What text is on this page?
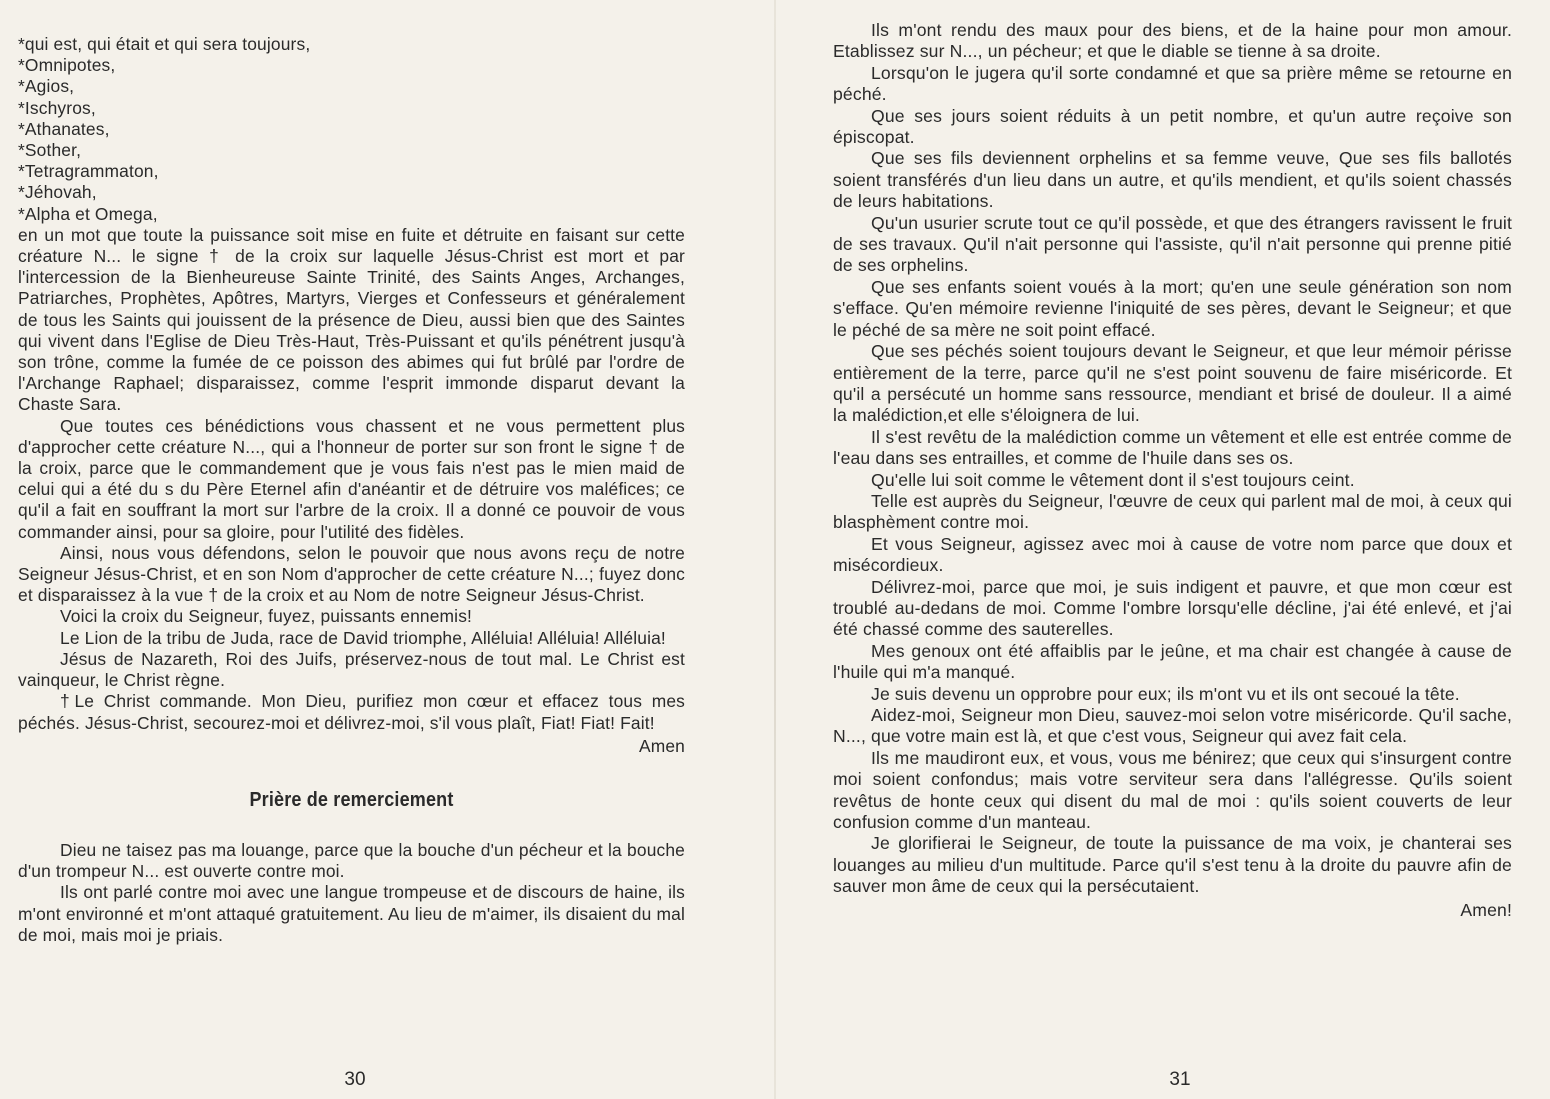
*qui est, qui était et qui sera toujours,

*Omnipotes,

*Agios,

*Ischyros,

*Athanates,

*Sother,

*Tetragrammaton,

*Jéhovah,

*Alpha et Omega,

en un mot que toute la puissance soit mise en fuite et détruite en faisant sur cette créature N... le signe † de la croix sur laquelle Jésus-Christ est mort et par l'intercession de la Bienheureuse Sainte Trinité, des Saints Anges, Archanges, Patriarches, Prophètes, Apôtres, Martyrs, Vierges et Confesseurs et généralement de tous les Saints qui jouissent de la présence de Dieu, aussi bien que des Saintes qui vivent dans l'Eglise de Dieu Très-Haut, Très-Puissant et qu'ils pénétrent jusqu'à son trône, comme la fumée de ce poisson des abimes qui fut brûlé par l'ordre de l'Archange Raphael; disparaissez, comme l'esprit immonde disparut devant la Chaste Sara.

Que toutes ces bénédictions vous chassent et ne vous permettent plus d'approcher cette créature N..., qui a l'honneur de porter sur son front le signe † de la croix, parce que le commandement que je vous fais n'est pas le mien maid de celui qui a été du s du Père Eternel afin d'anéantir et de détruire vos maléfices; ce qu'il a fait en souffrant la mort sur l'arbre de la croix. Il a donné ce pouvoir de vous commander ainsi, pour sa gloire, pour l'utilité des fidèles.

Ainsi, nous vous défendons, selon le pouvoir que nous avons reçu de notre Seigneur Jésus-Christ, et en son Nom d'approcher de cette créature N...; fuyez donc et disparaissez à la vue † de la croix et au Nom de notre Seigneur Jésus-Christ.

Voici la croix du Seigneur, fuyez, puissants ennemis!

Le Lion de la tribu de Juda, race de David triomphe, Alléluia! Alléluia! Alléluia!

Jésus de Nazareth, Roi des Juifs, préservez-nous de tout mal. Le Christ est vainqueur, le Christ règne.

†Le Christ commande. Mon Dieu, purifiez mon cœur et effacez tous mes péchés. Jésus-Christ, secourez-moi et délivrez-moi, s'il vous plaît, Fiat! Fiat! Fait!

Amen

Prière de remerciement

Dieu ne taisez pas ma louange, parce que la bouche d'un pécheur et la bouche d'un trompeur N... est ouverte contre moi.

Ils ont parlé contre moi avec une langue trompeuse et de discours de haine, ils m'ont environné et m'ont attaqué gratuitement. Au lieu de m'aimer, ils disaient du mal de moi, mais moi je priais.

30

Ils m'ont rendu des maux pour des biens, et de la haine pour mon amour. Etablissez sur N..., un pécheur; et que le diable se tienne à sa droite.

Lorsqu'on le jugera qu'il sorte condamné et que sa prière même se retourne en péché.

Que ses jours soient réduits à un petit nombre, et qu'un autre reçoive son épiscopat.

Que ses fils deviennent orphelins et sa femme veuve, Que ses fils ballotés soient transférés d'un lieu dans un autre, et qu'ils mendient, et qu'ils soient chassés de leurs habitations.

Qu'un usurier scrute tout ce qu'il possède, et que des étrangers ravissent le fruit de ses travaux. Qu'il n'ait personne qui l'assiste, qu'il n'ait personne qui prenne pitié de ses orphelins.

Que ses enfants soient voués à la mort; qu'en une seule génération son nom s'efface. Qu'en mémoire revienne l'iniquité de ses pères, devant le Seigneur; et que le péché de sa mère ne soit point effacé.

Que ses péchés soient toujours devant le Seigneur, et que leur mémoir périsse entièrement de la terre, parce qu'il ne s'est point souvenu de faire miséricorde. Et qu'il a persécuté un homme sans ressource, mendiant et brisé de douleur. Il a aimé la malédiction,et elle s'éloignera de lui.

Il s'est revêtu de la malédiction comme un vêtement et elle est entrée comme de l'eau dans ses entrailles, et comme de l'huile dans ses os.

Qu'elle lui soit comme le vêtement dont il s'est toujours ceint.

Telle est auprès du Seigneur, l'œuvre de ceux qui parlent mal de moi, à ceux qui blasphèment contre moi.

Et vous Seigneur, agissez avec moi à cause de votre nom parce que doux et misécordieux.

Délivrez-moi, parce que moi, je suis indigent et pauvre, et que mon cœur est troublé au-dedans de moi. Comme l'ombre lorsqu'elle décline, j'ai été enlevé, et j'ai été chassé comme des sauterelles.

Mes genoux ont été affaiblis par le jeûne, et ma chair est changée à cause de l'huile qui m'a manqué.

Je suis devenu un opprobre pour eux; ils m'ont vu et ils ont secoué la tête.

Aidez-moi, Seigneur mon Dieu, sauvez-moi selon votre miséricorde. Qu'il sache, N..., que votre main est là, et que c'est vous, Seigneur qui avez fait cela.

Ils me maudiront eux, et vous, vous me bénirez; que ceux qui s'insurgent contre moi soient confondus; mais votre serviteur sera dans l'allégresse. Qu'ils soient revêtus de honte ceux qui disent du mal de moi : qu'ils soient couverts de leur confusion comme d'un manteau.

Je glorifierai le Seigneur, de toute la puissance de ma voix, je chanterai ses louanges au milieu d'un multitude. Parce qu'il s'est tenu à la droite du pauvre afin de sauver mon âme de ceux qui la persécutaient.

Amen!

31
